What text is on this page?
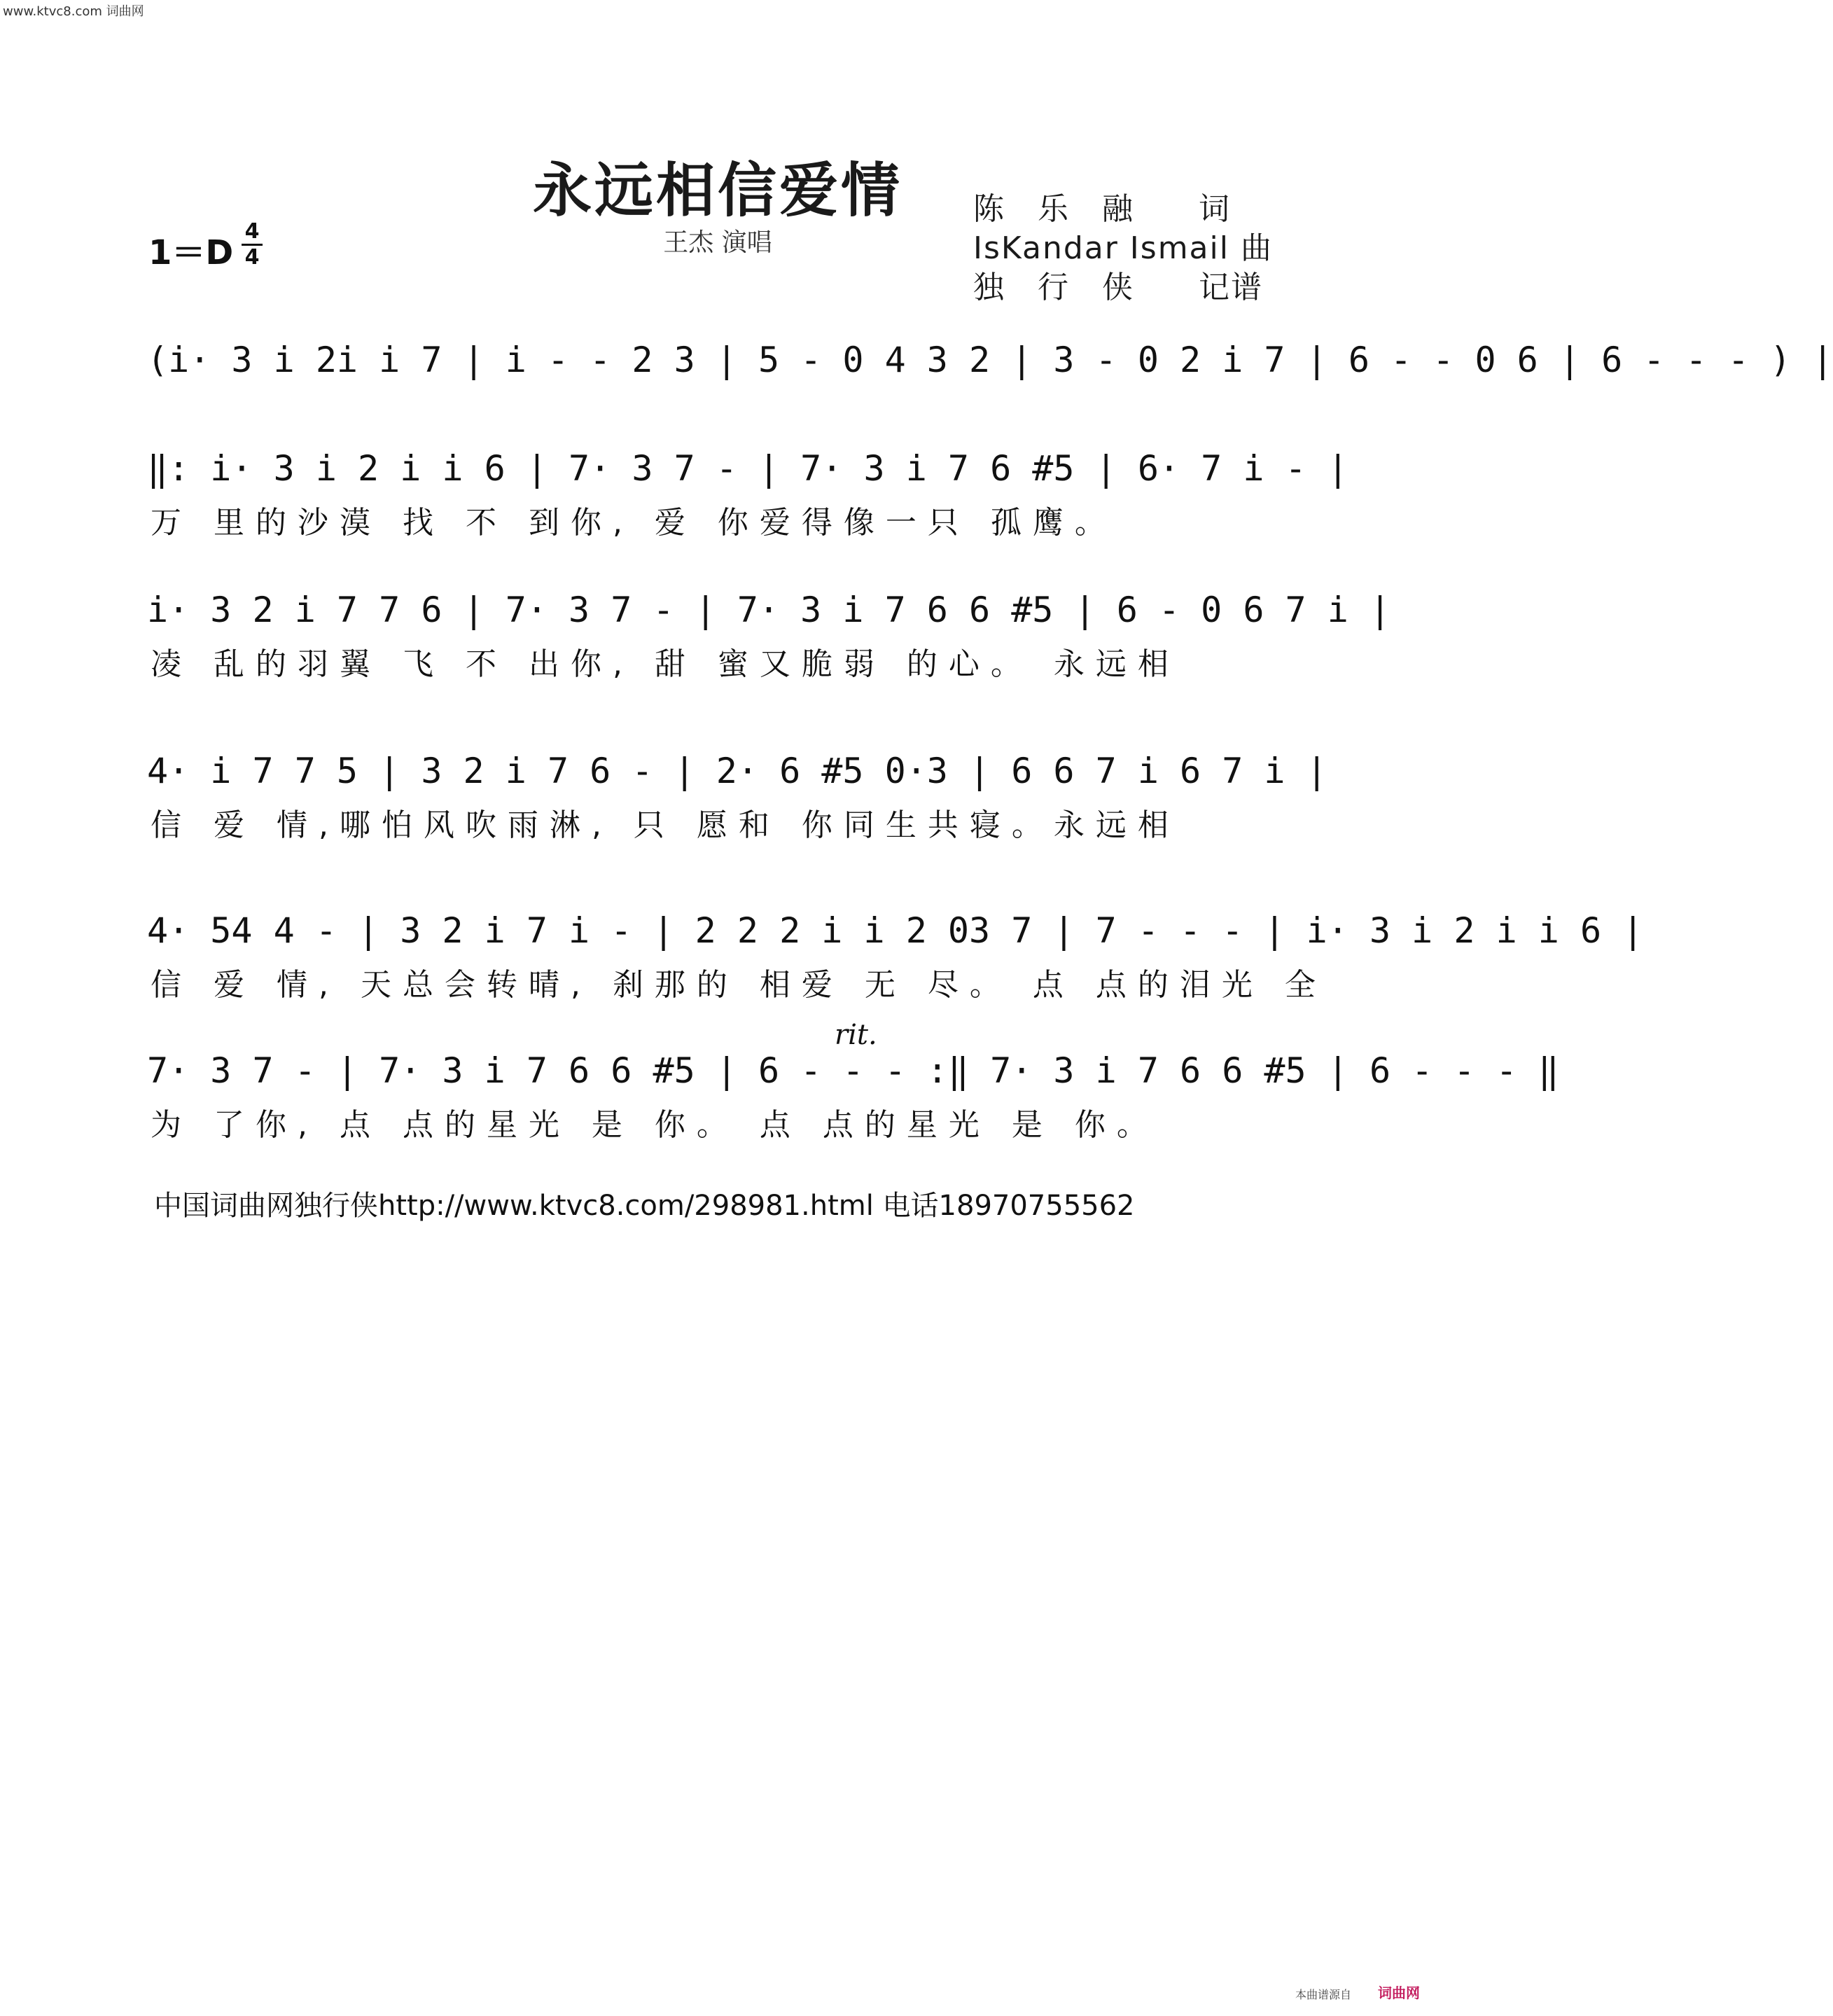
www.ktvc8.com 词曲网
永远相信爱情
王杰 演唱
陈　乐　融　　词
IsKandar Ismail 曲
独　行　侠　　记谱
1＝D
4
4
(i· 3 i 2i i 7 | i - - 2 3 | 5 - 0 4 3 2 | 3 - 0 2 i 7 | 6 - - 0 6 | 6 - - - ) |
‖: i· 3 i 2 i i 6 | 7· 3 7 - | 7· 3 i 7 6 #5 | 6· 7 i - |
万 里的沙漠 找 不 到你, 爱 你爱得像一只 孤鹰。
i· 3 2 i 7 7 6 | 7· 3 7 - | 7· 3 i 7 6 6 #5 | 6 - 0 6 7 i |
凌 乱的羽翼 飞 不 出你, 甜 蜜又脆弱 的心。 永远相
4· i 7 7 5 | 3 2 i 7 6 - | 2· 6 #5 0·3 | 6 6 7 i 6 7 i |
信 爱 情,哪怕风吹雨淋, 只 愿和 你同生共寝。永远相
4· 54 4 - | 3 2 i 7 i - | 2 2 2 i i 2 03 7 | 7 - - - | i· 3 i 2 i i 6 |
信 爱 情, 天总会转晴, 刹那的 相爱 无 尽。 点 点的泪光 全
rit.
7· 3 7 - | 7· 3 i 7 6 6 #5 | 6 - - - :‖ 7· 3 i 7 6 6 #5 | 6 - - - ‖
为 了你, 点 点的星光 是 你。 点 点的星光 是 你。
中国词曲网独行侠http://www.ktvc8.com/298981.html 电话18970755562
本曲谱源自 词曲网
